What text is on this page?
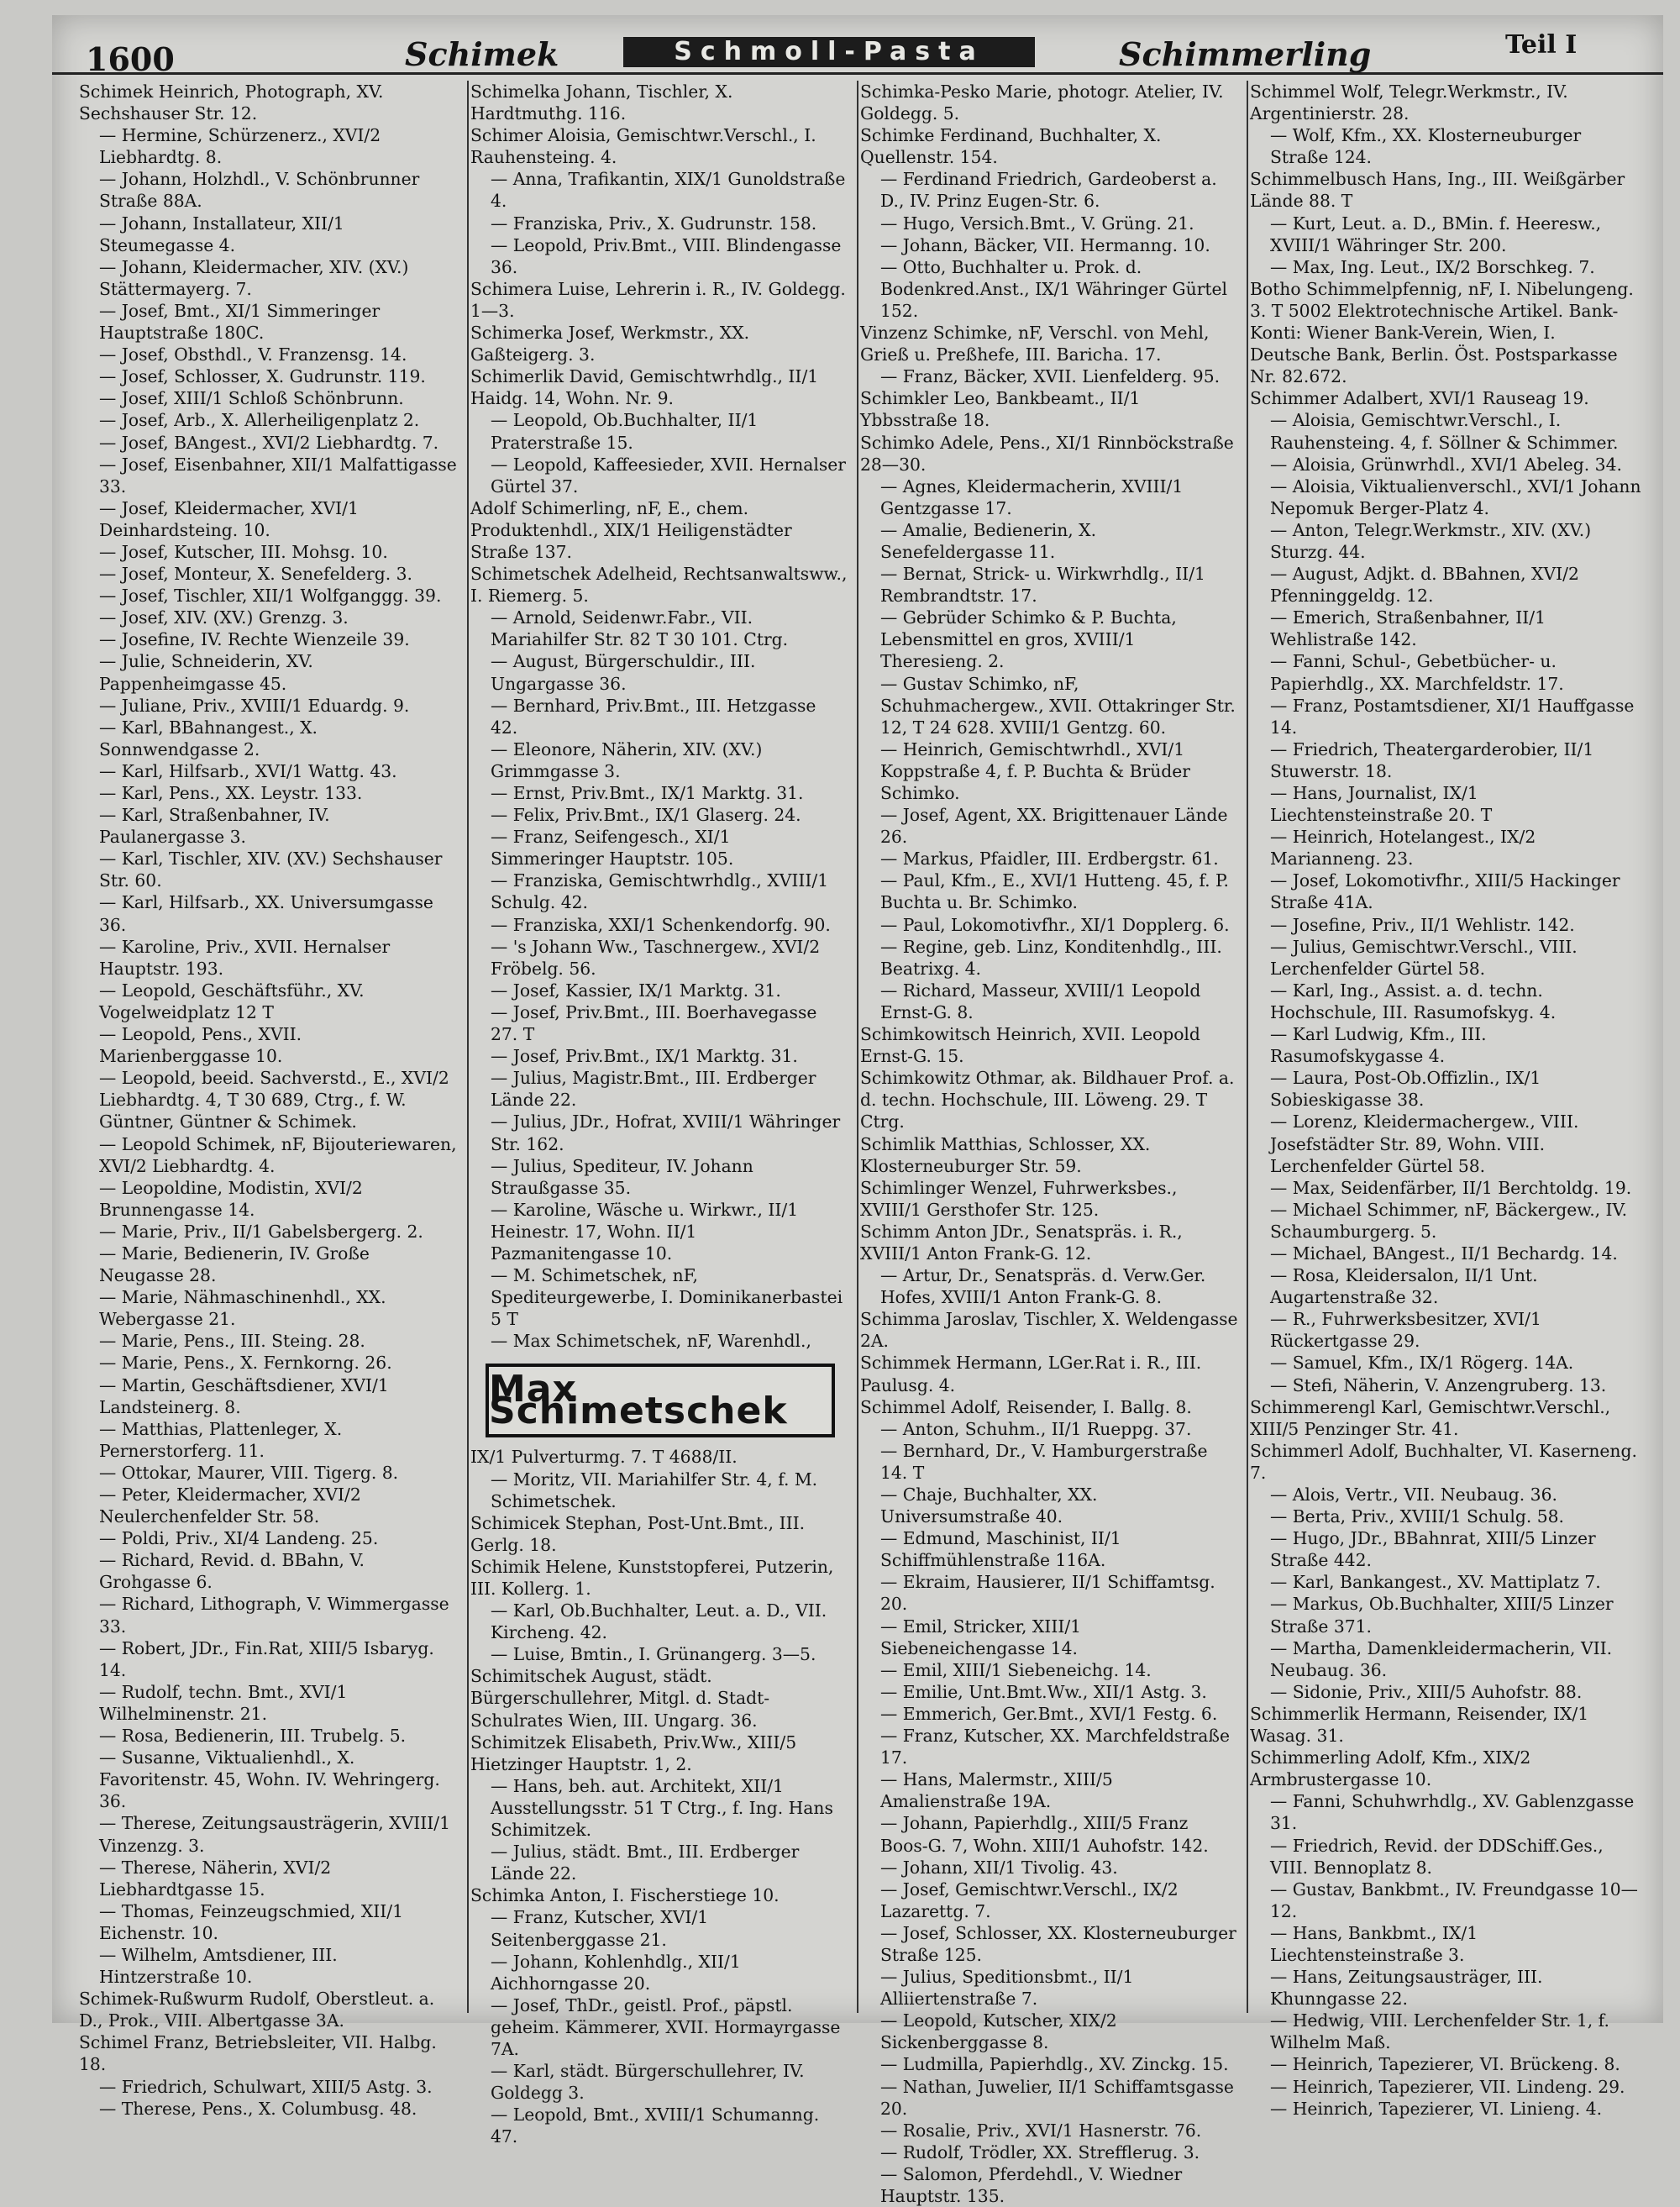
1600	Schimek	Schmoll-Pasta	Schimmerling	Teil I

Schimek Heinrich, Photograph, XV. Sechshauser Str. 12.

— Hermine, Schürzenerz., XVI/2 Liebhardtg. 8.

— Johann, Holzhdl., V. Schönbrunner Straße 88A.

— Johann, Installateur, XII/1 Steumegasse 4.

— Johann, Kleidermacher, XIV. (XV.) Stättermayerg. 7.

— Josef, Bmt., XI/1 Simmeringer Hauptstraße 180C.

— Josef, Obsthdl., V. Franzensg. 14.

— Josef, Schlosser, X. Gudrunstr. 119.

— Josef, XIII/1 Schloß Schönbrunn.

— Josef, Arb., X. Allerheiligenplatz 2.

— Josef, BAngest., XVI/2 Liebhardtg. 7.

— Josef, Eisenbahner, XII/1 Malfattigasse 33.

— Josef, Kleidermacher, XVI/1 Deinhardsteing. 10.

— Josef, Kutscher, III. Mohsg. 10.

— Josef, Monteur, X. Senefelderg. 3.

— Josef, Tischler, XII/1 Wolfganggg. 39.

— Josef, XIV. (XV.) Grenzg. 3.

— Josefine, IV. Rechte Wienzeile 39.

— Julie, Schneiderin, XV. Pappenheimgasse 45.

— Juliane, Priv., XVIII/1 Eduardg. 9.

— Karl, BBahnangest., X. Sonnwendgasse 2.

— Karl, Hilfsarb., XVI/1 Wattg. 43.

— Karl, Pens., XX. Leystr. 133.

— Karl, Straßenbahner, IV. Paulanergasse 3.

— Karl, Tischler, XIV. (XV.) Sechshauser Str. 60.

— Karl, Hilfsarb., XX. Universumgasse 36.

— Karoline, Priv., XVII. Hernalser Hauptstr. 193.

— Leopold, Geschäftsführ., XV. Vogelweidplatz 12 T

— Leopold, Pens., XVII. Marienberggasse 10.

— Leopold, beeid. Sachverstd., E., XVI/2 Liebhardtg. 4, T 30 689, Ctrg., f. W. Güntner, Güntner & Schimek.

— Leopold Schimek, nF, Bijouteriewaren, XVI/2 Liebhardtg. 4.

— Leopoldine, Modistin, XVI/2 Brunnengasse 14.

— Marie, Priv., II/1 Gabelsbergerg. 2.

— Marie, Bedienerin, IV. Große Neugasse 28.

— Marie, Nähmaschinenhdl., XX. Webergasse 21.

— Marie, Pens., III. Steing. 28.

— Marie, Pens., X. Fernkorng. 26.

— Martin, Geschäftsdiener, XVI/1 Landsteinerg. 8.

— Matthias, Plattenleger, X. Pernerstorferg. 11.

— Ottokar, Maurer, VIII. Tigerg. 8.

— Peter, Kleidermacher, XVI/2 Neulerchenfelder Str. 58.

— Poldi, Priv., XI/4 Landeng. 25.

— Richard, Revid. d. BBahn, V. Grohgasse 6.

— Richard, Lithograph, V. Wimmergasse 33.

— Robert, JDr., Fin.Rat, XIII/5 Isbaryg. 14.

— Rudolf, techn. Bmt., XVI/1 Wilhelminenstr. 21.

— Rosa, Bedienerin, III. Trubelg. 5.

— Susanne, Viktualienhdl., X. Favoritenstr. 45, Wohn. IV. Wehringerg. 36.

— Therese, Zeitungsausträgerin, XVIII/1 Vinzenzg. 3.

— Therese, Näherin, XVI/2 Liebhardtgasse 15.

— Thomas, Feinzeugschmied, XII/1 Eichenstr. 10.

— Wilhelm, Amtsdiener, III. Hintzerstraße 10.

Schimek-Rußwurm Rudolf, Oberstleut. a. D., Prok., VIII. Albertgasse 3A.

Schimel Franz, Betriebsleiter, VII. Halbg. 18.

— Friedrich, Schulwart, XIII/5 Astg. 3.

— Therese, Pens., X. Columbusg. 48.

Schimelka Johann, Tischler, X. Hardtmuthg. 116.

Schimer Aloisia, Gemischtwr.Verschl., I. Rauhensteing. 4.

— Anna, Trafikantin, XIX/1 Gunoldstraße 4.

— Franziska, Priv., X. Gudrunstr. 158.

— Leopold, Priv.Bmt., VIII. Blindengasse 36.

Schimera Luise, Lehrerin i. R., IV. Goldegg. 1—3.

Schimerka Josef, Werkmstr., XX. Gaßteigerg. 3.

Schimerlik David, Gemischtwrhdlg., II/1 Haidg. 14, Wohn. Nr. 9.

— Leopold, Ob.Buchhalter, II/1 Praterstraße 15.

— Leopold, Kaffeesieder, XVII. Hernalser Gürtel 37.

Adolf Schimerling, nF, E., chem. Produktenhdl., XIX/1 Heiligenstädter Straße 137.

Schimetschek Adelheid, Rechtsanwaltsww., I. Riemerg. 5.

— Arnold, Seidenwr.Fabr., VII. Mariahilfer Str. 82 T 30 101. Ctrg.

— August, Bürgerschuldir., III. Ungargasse 36.

— Bernhard, Priv.Bmt., III. Hetzgasse 42.

— Eleonore, Näherin, XIV. (XV.) Grimmgasse 3.

— Ernst, Priv.Bmt., IX/1 Marktg. 31.

— Felix, Priv.Bmt., IX/1 Glaserg. 24.

— Franz, Seifengesch., XI/1 Simmeringer Hauptstr. 105.

— Franziska, Gemischtwrhdlg., XVIII/1 Schulg. 42.

— Franziska, XXI/1 Schenkendorfg. 90.

— 's Johann Ww., Taschnergew., XVI/2 Fröbelg. 56.

— Josef, Kassier, IX/1 Marktg. 31.

— Josef, Priv.Bmt., III. Boerhavegasse 27. T

— Josef, Priv.Bmt., IX/1 Marktg. 31.

— Julius, Magistr.Bmt., III. Erdberger Lände 22.

— Julius, JDr., Hofrat, XVIII/1 Währinger Str. 162.

— Julius, Spediteur, IV. Johann Straußgasse 35.

— Karoline, Wäsche u. Wirkwr., II/1 Heinestr. 17, Wohn. II/1 Pazmanitengasse 10.

— M. Schimetschek, nF, Spediteurgewerbe, I. Dominikanerbastei 5 T

— Max Schimetschek, nF, Warenhdl.,

Max Schimetschek

IX/1 Pulverturmg. 7. T 4688/II.

— Moritz, VII. Mariahilfer Str. 4, f. M. Schimetschek.

Schimicek Stephan, Post-Unt.Bmt., III. Gerlg. 18.

Schimik Helene, Kunststopferei, Putzerin, III. Kollerg. 1.

— Karl, Ob.Buchhalter, Leut. a. D., VII. Kircheng. 42.

— Luise, Bmtin., I. Grünangerg. 3—5.

Schimitschek August, städt. Bürgerschullehrer, Mitgl. d. Stadt-Schulrates Wien, III. Ungarg. 36.

Schimitzek Elisabeth, Priv.Ww., XIII/5 Hietzinger Hauptstr. 1, 2.

— Hans, beh. aut. Architekt, XII/1 Ausstellungsstr. 51 T Ctrg., f. Ing. Hans Schimitzek.

— Julius, städt. Bmt., III. Erdberger Lände 22.

Schimka Anton, I. Fischerstiege 10.

— Franz, Kutscher, XVI/1 Seitenberggasse 21.

— Johann, Kohlenhdlg., XII/1 Aichhorngasse 20.

— Josef, ThDr., geistl. Prof., päpstl. geheim. Kämmerer, XVII. Hormayrgasse 7A.

— Karl, städt. Bürgerschullehrer, IV. Goldegg 3.

— Leopold, Bmt., XVIII/1 Schumanng. 47.

Schimka-Pesko Marie, photogr. Atelier, IV. Goldegg. 5.

Schimke Ferdinand, Buchhalter, X. Quellenstr. 154.

— Ferdinand Friedrich, Gardeoberst a. D., IV. Prinz Eugen-Str. 6.

— Hugo, Versich.Bmt., V. Grüng. 21.

— Johann, Bäcker, VII. Hermanng. 10.

— Otto, Buchhalter u. Prok. d. Bodenkred.Anst., IX/1 Währinger Gürtel 152.

Vinzenz Schimke, nF, Verschl. von Mehl, Grieß u. Preßhefe, III. Baricha. 17.

— Franz, Bäcker, XVII. Lienfelderg. 95.

Schimkler Leo, Bankbeamt., II/1 Ybbsstraße 18.

Schimko Adele, Pens., XI/1 Rinnböckstraße 28—30.

— Agnes, Kleidermacherin, XVIII/1 Gentzgasse 17.

— Amalie, Bedienerin, X. Senefeldergasse 11.

— Bernat, Strick- u. Wirkwrhdlg., II/1 Rembrandtstr. 17.

— Gebrüder Schimko & P. Buchta, Lebensmittel en gros, XVIII/1 Theresieng. 2.

— Gustav Schimko, nF, Schuhmachergew., XVII. Ottakringer Str. 12, T 24 628. XVIII/1 Gentzg. 60.

— Heinrich, Gemischtwrhdl., XVI/1 Koppstraße 4, f. P. Buchta & Brüder Schimko.

— Josef, Agent, XX. Brigittenauer Lände 26.

— Markus, Pfaidler, III. Erdbergstr. 61.

— Paul, Kfm., E., XVI/1 Hutteng. 45, f. P. Buchta u. Br. Schimko.

— Paul, Lokomotivfhr., XI/1 Dopplerg. 6.

— Regine, geb. Linz, Konditenhdlg., III. Beatrixg. 4.

— Richard, Masseur, XVIII/1 Leopold Ernst-G. 8.

Schimkowitsch Heinrich, XVII. Leopold Ernst-G. 15.

Schimkowitz Othmar, ak. Bildhauer Prof. a. d. techn. Hochschule, III. Löweng. 29. T Ctrg.

Schimlik Matthias, Schlosser, XX. Klosterneuburger Str. 59.

Schimlinger Wenzel, Fuhrwerksbes., XVIII/1 Gersthofer Str. 125.

Schimm Anton JDr., Senatspräs. i. R., XVIII/1 Anton Frank-G. 12.

— Artur, Dr., Senatspräs. d. Verw.Ger. Hofes, XVIII/1 Anton Frank-G. 8.

Schimma Jaroslav, Tischler, X. Weldengasse 2A.

Schimmek Hermann, LGer.Rat i. R., III. Paulusg. 4.

Schimmel Adolf, Reisender, I. Ballg. 8.

— Anton, Schuhm., II/1 Rueppg. 37.

— Bernhard, Dr., V. Hamburgerstraße 14. T

— Chaje, Buchhalter, XX. Universumstraße 40.

— Edmund, Maschinist, II/1 Schiffmühlenstraße 116A.

— Ekraim, Hausierer, II/1 Schiffamtsg. 20.

— Emil, Stricker, XIII/1 Siebeneichengasse 14.

— Emil, XIII/1 Siebeneichg. 14.

— Emilie, Unt.Bmt.Ww., XII/1 Astg. 3.

— Emmerich, Ger.Bmt., XVI/1 Festg. 6.

— Franz, Kutscher, XX. Marchfeldstraße 17.

— Hans, Malermstr., XIII/5 Amalienstraße 19A.

— Johann, Papierhdlg., XIII/5 Franz Boos-G. 7, Wohn. XIII/1 Auhofstr. 142.

— Johann, XII/1 Tivolig. 43.

— Josef, Gemischtwr.Verschl., IX/2 Lazarettg. 7.

— Josef, Schlosser, XX. Klosterneuburger Straße 125.

— Julius, Speditionsbmt., II/1 Alliiertenstraße 7.

— Leopold, Kutscher, XIX/2 Sickenberggasse 8.

— Ludmilla, Papierhdlg., XV. Zinckg. 15.

— Nathan, Juwelier, II/1 Schiffamtsgasse 20.

— Rosalie, Priv., XVI/1 Hasnerstr. 76.

— Rudolf, Trödler, XX. Strefflerug. 3.

— Salomon, Pferdehdl., V. Wiedner Hauptstr. 135.

Schimmel Wolf, Telegr.Werkmstr., IV. Argentinierstr. 28.

— Wolf, Kfm., XX. Klosterneuburger Straße 124.

Schimmelbusch Hans, Ing., III. Weißgärber Lände 88. T

— Kurt, Leut. a. D., BMin. f. Heeresw., XVIII/1 Währinger Str. 200.

— Max, Ing. Leut., IX/2 Borschkeg. 7.

Botho Schimmelpfennig, nF, I. Nibelungeng. 3. T 5002 Elektrotechnische Artikel. Bank-Konti: Wiener Bank-Verein, Wien, I. Deutsche Bank, Berlin. Öst. Postsparkasse Nr. 82.672.

Schimmer Adalbert, XVI/1 Rauseag 19.

— Aloisia, Gemischtwr.Verschl., I. Rauhensteing. 4, f. Söllner & Schimmer.

— Aloisia, Grünwrhdl., XVI/1 Abeleg. 34.

— Aloisia, Viktualienverschl., XVI/1 Johann Nepomuk Berger-Platz 4.

— Anton, Telegr.Werkmstr., XIV. (XV.) Sturzg. 44.

— August, Adjkt. d. BBahnen, XVI/2 Pfenninggeldg. 12.

— Emerich, Straßenbahner, II/1 Wehlistraße 142.

— Fanni, Schul-, Gebetbücher- u. Papierhdlg., XX. Marchfeldstr. 17.

— Franz, Postamtsdiener, XI/1 Hauffgasse 14.

— Friedrich, Theatergarderobier, II/1 Stuwerstr. 18.

— Hans, Journalist, IX/1 Liechtensteinstraße 20. T

— Heinrich, Hotelangest., IX/2 Marianneng. 23.

— Josef, Lokomotivfhr., XIII/5 Hackinger Straße 41A.

— Josefine, Priv., II/1 Wehlistr. 142.

— Julius, Gemischtwr.Verschl., VIII. Lerchenfelder Gürtel 58.

— Karl, Ing., Assist. a. d. techn. Hochschule, III. Rasumofskyg. 4.

— Karl Ludwig, Kfm., III. Rasumofskygasse 4.

— Laura, Post-Ob.Offizlin., IX/1 Sobieskigasse 38.

— Lorenz, Kleidermachergew., VIII. Josefstädter Str. 89, Wohn. VIII. Lerchenfelder Gürtel 58.

— Max, Seidenfärber, II/1 Berchtoldg. 19.

— Michael Schimmer, nF, Bäckergew., IV. Schaumburgerg. 5.

— Michael, BAngest., II/1 Bechardg. 14.

— Rosa, Kleidersalon, II/1 Unt. Augartenstraße 32.

— R., Fuhrwerksbesitzer, XVI/1 Rückertgasse 29.

— Samuel, Kfm., IX/1 Rögerg. 14A.

— Stefi, Näherin, V. Anzengruberg. 13.

Schimmerengl Karl, Gemischtwr.Verschl., XIII/5 Penzinger Str. 41.

Schimmerl Adolf, Buchhalter, VI. Kaserneng. 7.

— Alois, Vertr., VII. Neubaug. 36.

— Berta, Priv., XVIII/1 Schulg. 58.

— Hugo, JDr., BBahnrat, XIII/5 Linzer Straße 442.

— Karl, Bankangest., XV. Mattiplatz 7.

— Markus, Ob.Buchhalter, XIII/5 Linzer Straße 371.

— Martha, Damenkleidermacherin, VII. Neubaug. 36.

— Sidonie, Priv., XIII/5 Auhofstr. 88.

Schimmerlik Hermann, Reisender, IX/1 Wasag. 31.

Schimmerling Adolf, Kfm., XIX/2 Armbrustergasse 10.

— Fanni, Schuhwrhdlg., XV. Gablenzgasse 31.

— Friedrich, Revid. der DDSchiff.Ges., VIII. Bennoplatz 8.

— Gustav, Bankbmt., IV. Freundgasse 10—12.

— Hans, Bankbmt., IX/1 Liechtensteinstraße 3.

— Hans, Zeitungsausträger, III. Khunngasse 22.

— Hedwig, VIII. Lerchenfelder Str. 1, f. Wilhelm Maß.

— Heinrich, Tapezierer, VI. Brückeng. 8.

— Heinrich, Tapezierer, VII. Lindeng. 29.

— Heinrich, Tapezierer, VI. Linieng. 4.
